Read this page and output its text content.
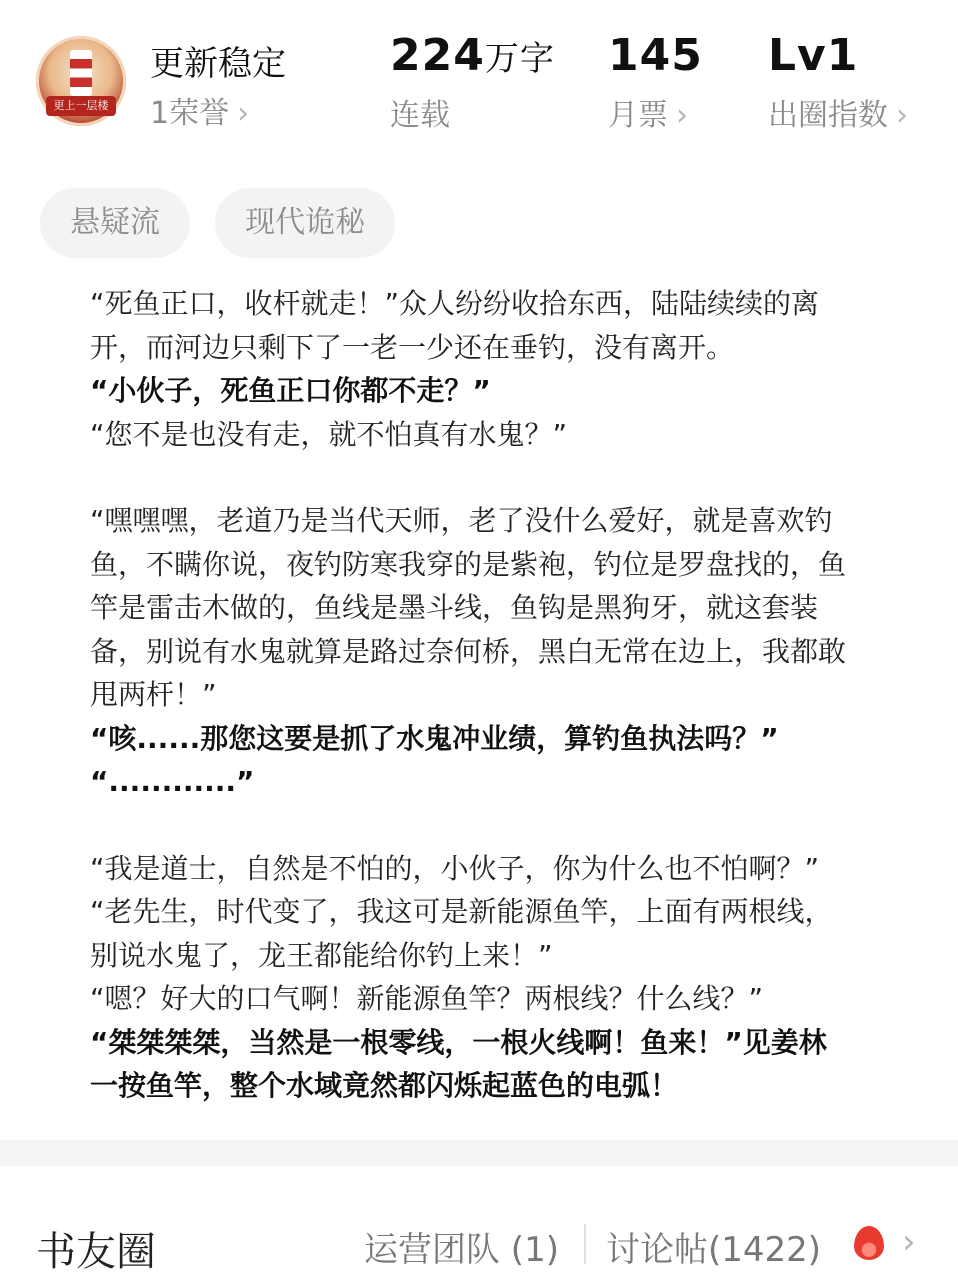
更上一层楼
更新稳定
1荣誉 ›
224万字
连载
145
月票 ›
Lv1
出圈指数 ›
悬疑流	现代诡秘

“死鱼正口，收杆就走！”众人纷纷收拾东西，陆陆续续的离开，而河边只剩下了一老一少还在垂钓，没有离开。

“小伙子，死鱼正口你都不走？”

“您不是也没有走，就不怕真有水鬼？”

“嘿嘿嘿，老道乃是当代天师，老了没什么爱好，就是喜欢钓鱼，不瞒你说，夜钓防寒我穿的是紫袍，钓位是罗盘找的，鱼竿是雷击木做的，鱼线是墨斗线，鱼钩是黑狗牙，就这套装备，别说有水鬼就算是路过奈何桥，黑白无常在边上，我都敢甩两杆！”

“咳......那您这要是抓了水鬼冲业绩，算钓鱼执法吗？”

“............”

“我是道士，自然是不怕的，小伙子，你为什么也不怕啊？”

“老先生，时代变了，我这可是新能源鱼竿，上面有两根线，别说水鬼了，龙王都能给你钓上来！”

“嗯？好大的口气啊！新能源鱼竿？两根线？什么线？”

“桀桀桀桀，当然是一根零线，一根火线啊！鱼来！”见姜林一按鱼竿，整个水域竟然都闪烁起蓝色的电弧！

书友圈	运营团队 (1) 讨论帖(1422) ›
